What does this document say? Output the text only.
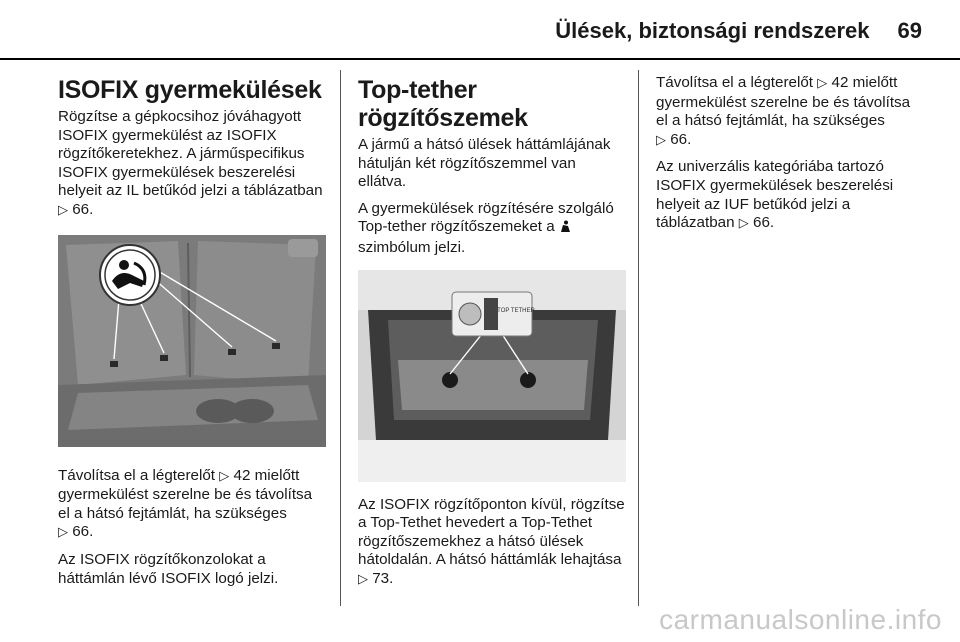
Ülések, biztonsági rendszerek 69
ISOFIX gyermekülések

Rögzítse a gépkocsihoz jóváhagyott ISOFIX gyermekülést az ISOFIX rögzítőkeretekhez. A járműspecifikus ISOFIX gyermekülések beszerelési helyeit az IL betűkód jelzi a táblázatban ▷ 66.

Távolítsa el a légterelőt ▷ 42 mielőtt gyermekülést szerelne be és távolítsa el a hátsó fejtámlát, ha szükséges
▷ 66.

Az ISOFIX rögzítőkonzolokat a háttámlán lévő ISOFIX logó jelzi.

Top-tether rögzítőszemek

A jármű a hátsó ülések háttámlájának hátulján két rögzítőszemmel van ellátva.

A gyermekülések rögzítésére szolgáló Top-tether rögzítőszemeket a  szimbólum jelzi.

TOP TETHER

Az ISOFIX rögzítőponton kívül, rögzítse a Top-Tethet hevedert a Top-Tethet rögzítőszemekhez a hátsó ülések hátoldalán. A hátsó háttámlák lehajtása ▷ 73.

Távolítsa el a légterelőt ▷ 42 mielőtt gyermekülést szerelne be és távolítsa el a hátsó fejtámlát, ha szükséges
▷ 66.

Az univerzális kategóriába tartozó ISOFIX gyermekülések beszerelési helyeit az IUF betűkód jelzi a táblázatban ▷ 66.

carmanualsonline.info
